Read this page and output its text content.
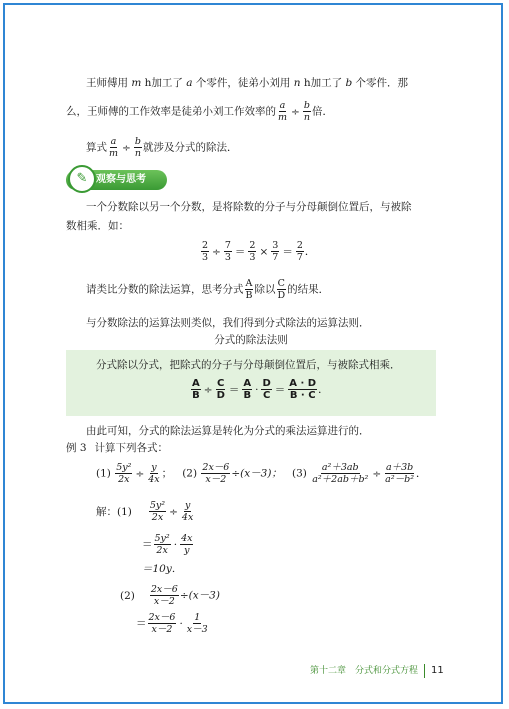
王师傅用 m h加工了 a 个零件，徒弟小刘用 n h加工了 b 个零件．那
么，王师傅的工作效率是徒弟小刘工作效率的 $\frac{a}{m} \div \frac{b}{n}$ 倍．
算式 $\frac{a}{m} \div \frac{b}{n}$ 就涉及分式的除法．
✎ 观察与思考
一个分数除以另一个分数，是将除数的分子与分母颠倒位置后，与被除
数相乘．如：
$\frac{2}{3} \div \frac{7}{3} = \frac{2}{3} \times \frac{3}{7} = \frac{2}{7}$ ．
请类比分数的除法运算，思考分式 $\frac{A}{B}$ 除以 $\frac{C}{D}$ 的结果．
与分数除法的运算法则类似，我们得到分式除法的运算法则．
分式的除法法则
分式除以分式，把除式的分子与分母颠倒位置后，与被除式相乘．
$\frac{A}{B} \div \frac{C}{D} = \frac{A}{B} \cdot \frac{D}{C} = \frac{A \cdot D}{B \cdot C}$ ．
由此可知，分式的除法运算是转化为分式的乘法运算进行的．
例 3 计算下列各式：
$(1) \frac{\text{5y²}}{2x} \div \frac{y}{4x}$ ；   $(2) \frac{2x-6}{x-2} \div(x-3)$； $(3) \frac{\text{a²＋3ab}}{\text{a²＋2ab＋b²}} \div \frac{a+3b}{\text{a²－b²}}$ ．
解：$(1) \frac{\text{5y²}}{2x} \div \frac{y}{4x}$
＝ $\frac{\text{5y²}}{2x} \cdot \frac{4x}{y}$
＝10y．
$(2) \frac{2x-6}{x-2} \div(x-3)$
＝ $\frac{2x-6}{x-2} \cdot \frac{1}{x-3}$
第十二章　分式和分式方程 11
